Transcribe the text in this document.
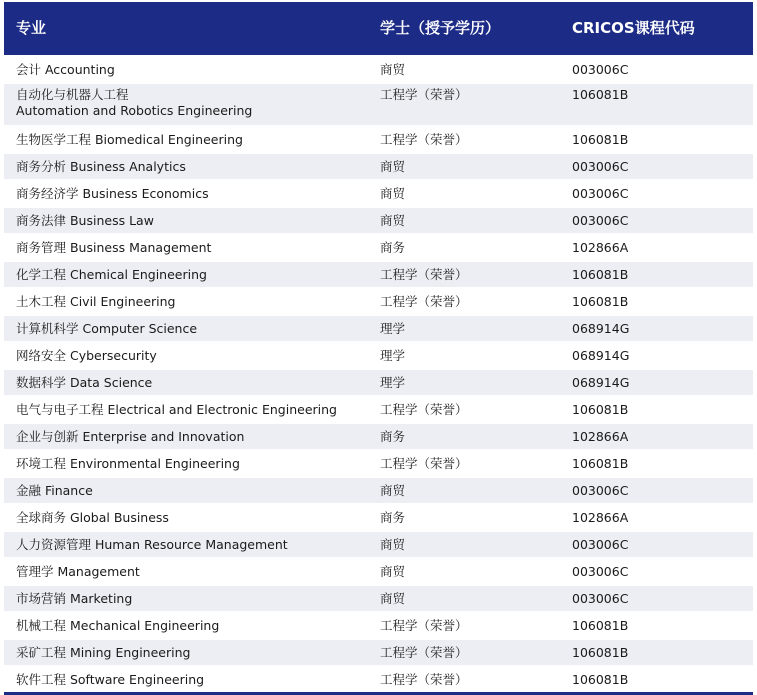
专业	学士（授予学历）	CRICOS课程代码
会计 Accounting	商贸	003006C

自动化与机器人工程
Automation and Robotics Engineering	工程学（荣誉）	106081B
生物医学工程 Biomedical Engineering	工程学（荣誉）	106081B
商务分析 Business Analytics	商贸	003006C
商务经济学 Business Economics	商贸	003006C
商务法律 Business Law	商贸	003006C
商务管理 Business Management	商务	102866A
化学工程 Chemical Engineering	工程学（荣誉）	106081B
土木工程 Civil Engineering	工程学（荣誉）	106081B
计算机科学 Computer Science	理学	068914G
网络安全 Cybersecurity	理学	068914G
数据科学 Data Science	理学	068914G
电气与电子工程 Electrical and Electronic Engineering	工程学（荣誉）	106081B
企业与创新 Enterprise and Innovation	商务	102866A
环境工程 Environmental Engineering	工程学（荣誉）	106081B
金融 Finance	商贸	003006C
全球商务 Global Business	商务	102866A
人力资源管理 Human Resource Management	商贸	003006C
管理学 Management	商贸	003006C
市场营销 Marketing	商贸	003006C
机械工程 Mechanical Engineering	工程学（荣誉）	106081B
采矿工程 Mining Engineering	工程学（荣誉）	106081B
软件工程 Software Engineering	工程学（荣誉）	106081B
